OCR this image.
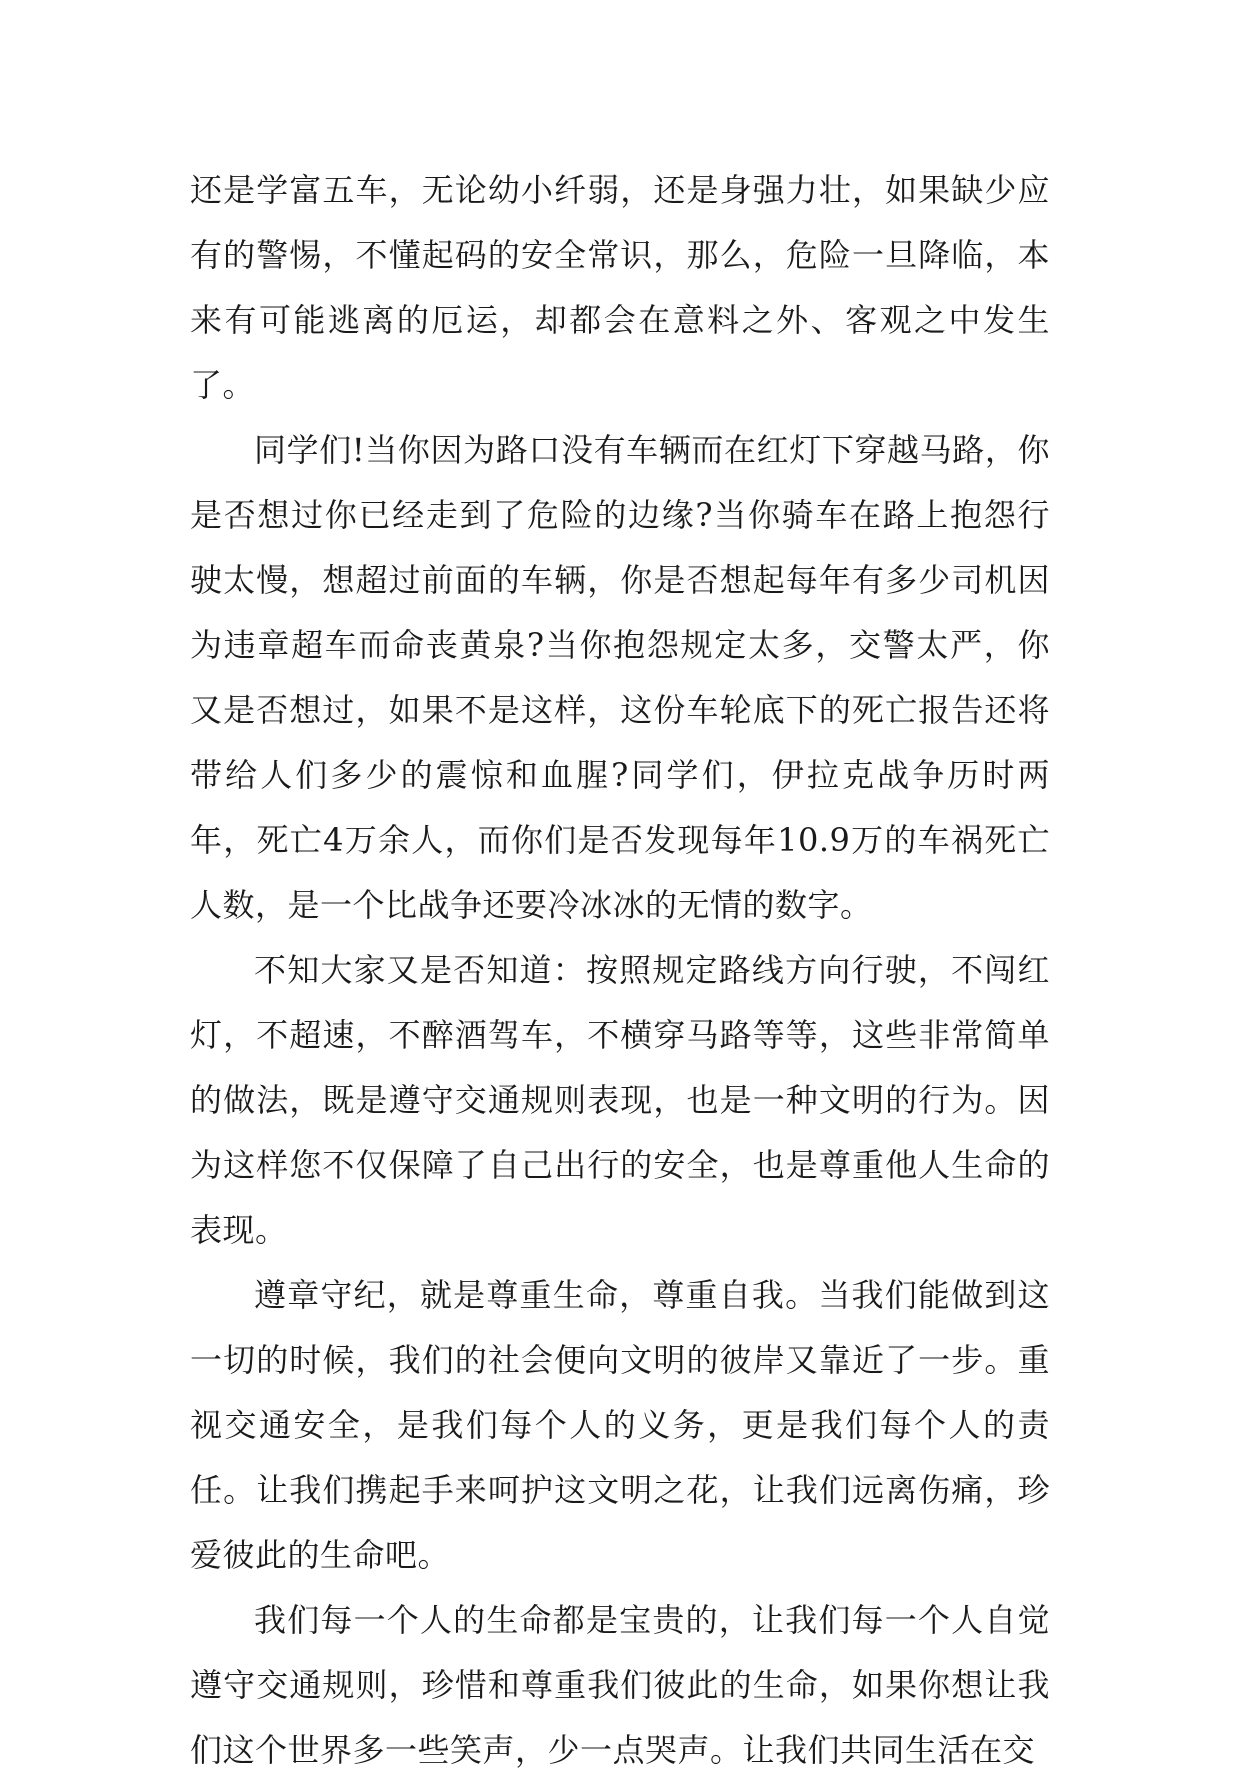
还是学富五车，无论幼小纤弱，还是身强力壮，如果缺少应有的警惕，不懂起码的安全常识，那么，危险一旦降临，本来有可能逃离的厄运，却都会在意料之外、客观之中发生了。

同学们!当你因为路口没有车辆而在红灯下穿越马路，你是否想过你已经走到了危险的边缘?当你骑车在路上抱怨行驶太慢，想超过前面的车辆，你是否想起每年有多少司机因为违章超车而命丧黄泉?当你抱怨规定太多，交警太严，你又是否想过，如果不是这样，这份车轮底下的死亡报告还将带给人们多少的震惊和血腥?同学们，伊拉克战争历时两年，死亡4万余人，而你们是否发现每年10.9万的车祸死亡人数，是一个比战争还要冷冰冰的无情的数字。

不知大家又是否知道：按照规定路线方向行驶，不闯红灯，不超速，不醉酒驾车，不横穿马路等等，这些非常简单的做法，既是遵守交通规则表现，也是一种文明的行为。因为这样您不仅保障了自己出行的安全，也是尊重他人生命的表现。

遵章守纪，就是尊重生命，尊重自我。当我们能做到这一切的时候，我们的社会便向文明的彼岸又靠近了一步。重视交通安全，是我们每个人的义务，更是我们每个人的责任。让我们携起手来呵护这文明之花，让我们远离伤痛，珍爱彼此的生命吧。

我们每一个人的生命都是宝贵的，让我们每一个人自觉遵守交通规则，珍惜和尊重我们彼此的生命，如果你想让我们这个世界多一些笑声，少一点哭声。让我们共同生活在交
